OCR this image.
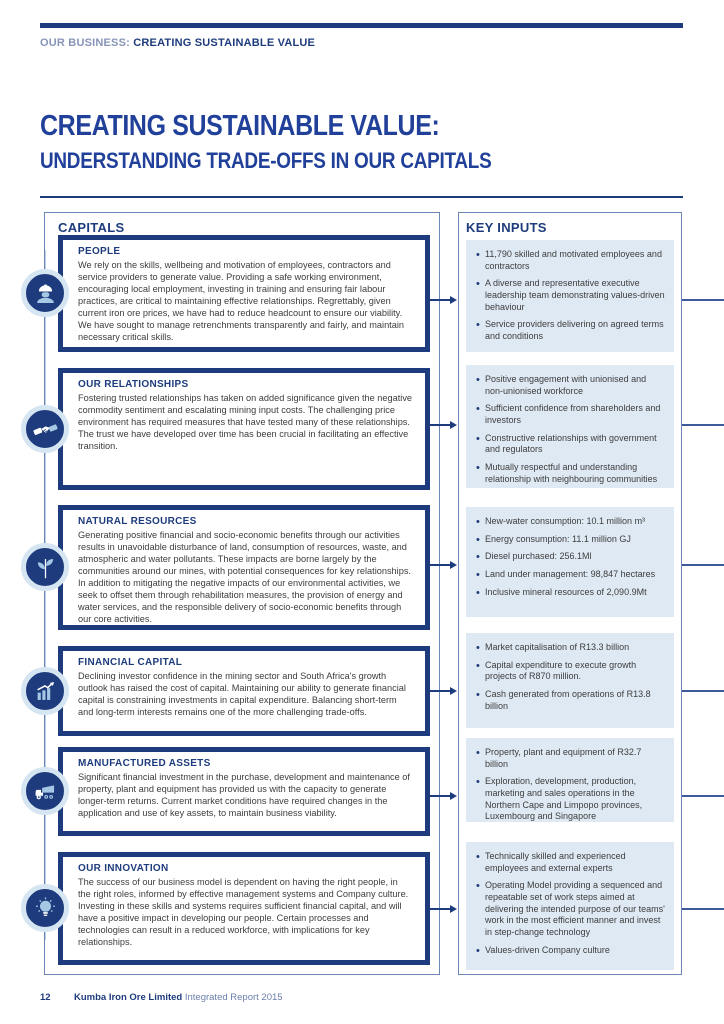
OUR BUSINESS: CREATING SUSTAINABLE VALUE
CREATING SUSTAINABLE VALUE:
UNDERSTANDING TRADE-OFFS IN OUR CAPITALS
CAPITALS	KEY INPUTS
PEOPLE

We rely on the skills, wellbeing and motivation of employees, contractors and service providers to generate value. Providing a safe working environment, encouraging local employment, investing in training and ensuring fair labour practices, are critical to maintaining effective relationships. Regrettably, given current iron ore prices, we have had to reduce headcount to ensure our viability. We have sought to manage retrenchments transparently and fairly, and maintain necessary critical skills.

OUR RELATIONSHIPS

Fostering trusted relationships has taken on added significance given the negative commodity sentiment and escalating mining input costs. The challenging price environment has required measures that have tested many of these relationships. The trust we have developed over time has been crucial in facilitating an effective transition.

NATURAL RESOURCES

Generating positive financial and socio-economic benefits through our activities results in unavoidable disturbance of land, consumption of resources, waste, and atmospheric and water pollutants. These impacts are borne largely by the communities around our mines, with potential consequences for key relationships. In addition to mitigating the negative impacts of our environmental activities, we seek to offset them through rehabilitation measures, the provision of energy and water services, and the responsible delivery of socio-economic benefits through our core activities.

FINANCIAL CAPITAL

Declining investor confidence in the mining sector and South Africa's growth outlook has raised the cost of capital. Maintaining our ability to generate financial capital is constraining investments in capital expenditure. Balancing short-term and long-term interests remains one of the more challenging trade-offs.

MANUFACTURED ASSETS

Significant financial investment in the purchase, development and maintenance of property, plant and equipment has provided us with the capacity to generate longer-term returns. Current market conditions have required changes in the application and use of key assets, to maintain business viability.

OUR INNOVATION

The success of our business model is dependent on having the right people, in the right roles, informed by effective management systems and Company culture. Investing in these skills and systems requires sufficient financial capital, and will have a positive impact in developing our people. Certain processes and technologies can result in a reduced workforce, with implications for key relationships.

• 11,790 skilled and motivated employees and contractors
• A diverse and representative executive leadership team demonstrating values-driven behaviour
• Service providers delivering on agreed terms and conditions
• Positive engagement with unionised and non-unionised workforce
• Sufficient confidence from shareholders and investors
• Constructive relationships with government and regulators
• Mutually respectful and understanding relationship with neighbouring communities
• New-water consumption: 10.1 million m³
• Energy consumption: 11.1 million GJ
• Diesel purchased: 256.1Ml
• Land under management: 98,847 hectares
• Inclusive mineral resources of 2,090.9Mt
• Market capitalisation of R13.3 billion
• Capital expenditure to execute growth projects of R870 million.
• Cash generated from operations of R13.8 billion
• Property, plant and equipment of R32.7 billion
• Exploration, development, production, marketing and sales operations in the Northern Cape and Limpopo provinces, Luxembourg and Singapore
• Technically skilled and experienced employees and external experts
• Operating Model providing a sequenced and repeatable set of work steps aimed at delivering the intended purpose of our teams' work in the most efficient manner and invest in step-change technology
• Values-driven Company culture
12 Kumba Iron Ore Limited Integrated Report 2015
